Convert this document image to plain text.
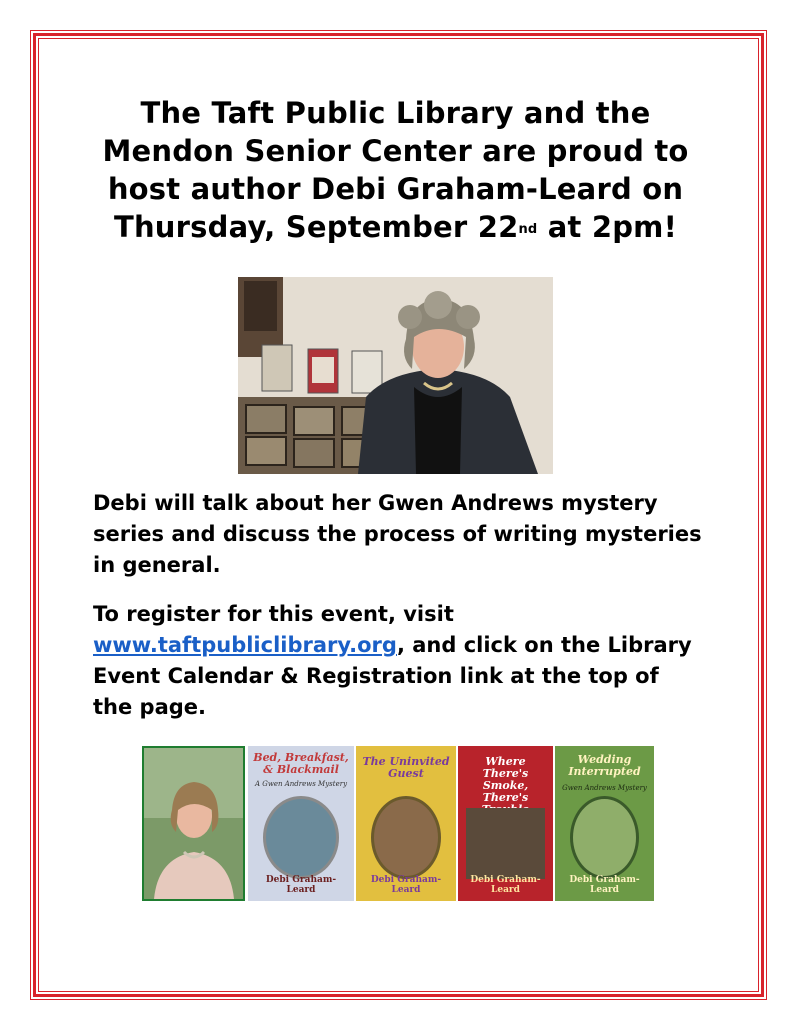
The Taft Public Library and the
Mendon Senior Center are proud to
host author Debi Graham-Leard on
Thursday, September 22nd at 2pm!
Debi will talk about her Gwen Andrews mystery series and discuss the process of writing mysteries in general.
To register for this event, visit www.taftpubliclibrary.org, and click on the Library Event Calendar & Registration link at the top of the page.
Bed, Breakfast, & Blackmail
A Gwen Andrews Mystery
Debi Graham-Leard
The Uninvited Guest
Debi Graham-Leard
Where There's Smoke, There's
Debi Graham-Leard
Wedding Interrupted
Gwen Andrews Mystery
Debi Graham-Leard
